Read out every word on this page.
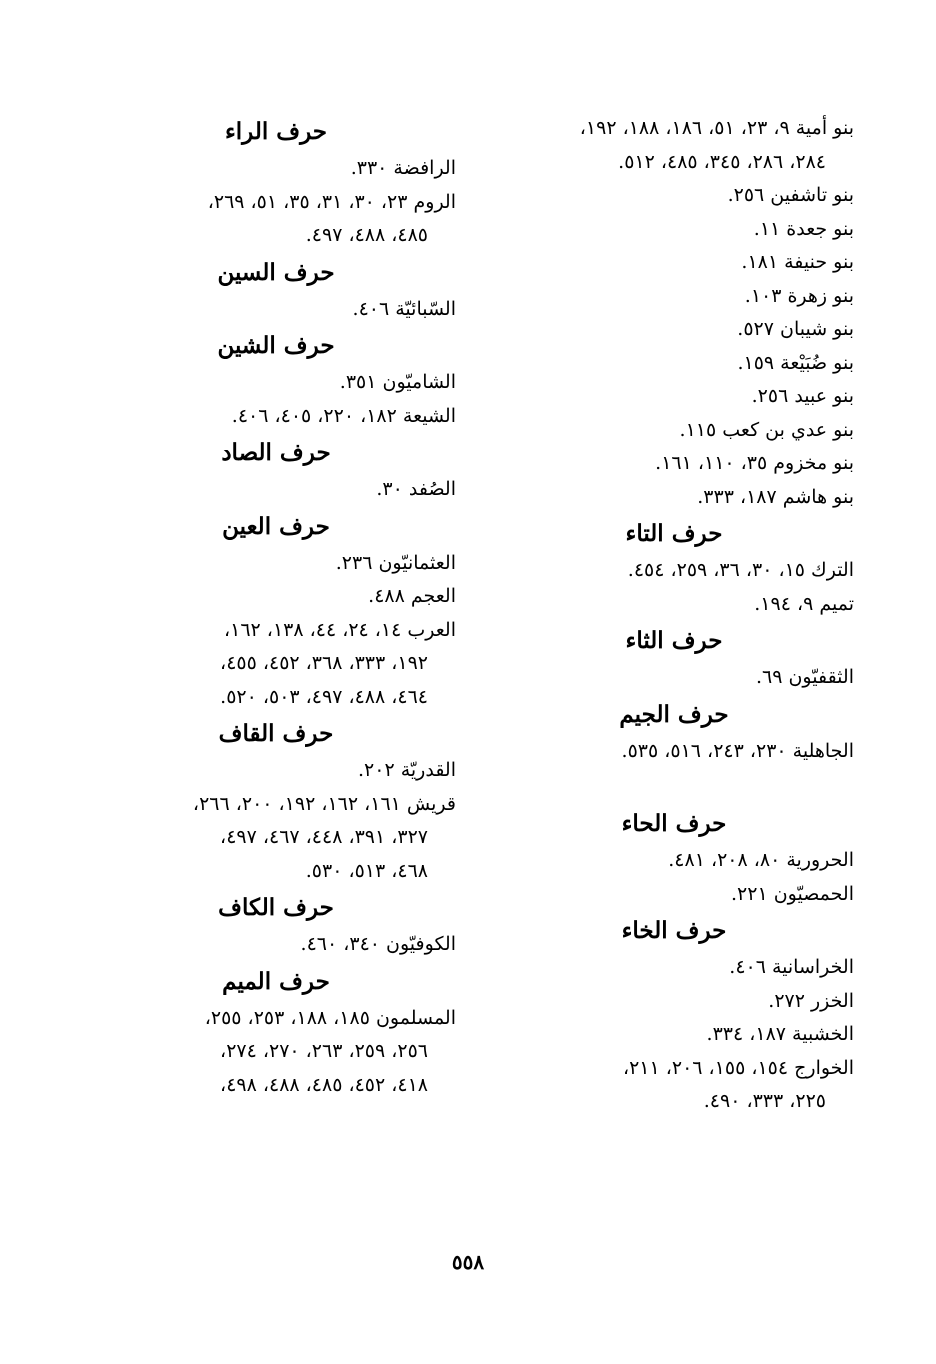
بنو أمية ٩، ٢٣، ٥١، ١٨٦، ١٨٨، ١٩٢،
٢٨٤، ٢٨٦، ٣٤٥، ٤٨٥، ٥١٢.
بنو تاشفين ٢٥٦.
بنو جعدة ١١.
بنو حنيفة ١٨١.
بنو زهرة ١٠٣.
بنو شيبان ٥٢٧.
بنو ضُبَيْعة ١٥٩.
بنو عبيد ٢٥٦.
بنو عدي بن كعب ١١٥.
بنو مخزوم ٣٥، ١١٠، ١٦١.
بنو هاشم ١٨٧، ٣٣٣.
حرف التاء
الترك ١٥، ٣٠، ٣٦، ٢٥٩، ٤٥٤.
تميم ٩، ١٩٤.
حرف الثاء
الثقفيّون ٦٩.
حرف الجيم
الجاهلية ٢٣٠، ٢٤٣، ٥١٦، ٥٣٥.
حرف الحاء
الحرورية ٨٠، ٢٠٨، ٤٨١.
الحمصيّون ٢٢١.
حرف الخاء
الخراسانية ٤٠٦.
الخزر ٢٧٢.
الخشبية ١٨٧، ٣٣٤.
الخوارج ١٥٤، ١٥٥، ٢٠٦، ٢١١،
٢٢٥، ٣٣٣، ٤٩٠.
حرف الراء
الرافضة ٣٣٠.
الروم ٢٣، ٣٠، ٣١، ٣٥، ٥١، ٢٦٩،
٤٨٥، ٤٨٨، ٤٩٧.
حرف السين
السّبائيّة ٤٠٦.
حرف الشين
الشاميّون ٣٥١.
الشيعة ١٨٢، ٢٢٠، ٤٠٥، ٤٠٦.
حرف الصاد
الصُفد ٣٠.
حرف العين
العثمانيّون ٢٣٦.
العجم ٤٨٨.
العرب ١٤، ٢٤، ٤٤، ١٣٨، ١٦٢،
١٩٢، ٣٣٣، ٣٦٨، ٤٥٢، ٤٥٥،
٤٦٤، ٤٨٨، ٤٩٧، ٥٠٣، ٥٢٠.
حرف القاف
القدريّة ٢٠٢.
قريش ١٦١، ١٦٢، ١٩٢، ٢٠٠، ٢٦٦،
٣٢٧، ٣٩١، ٤٤٨، ٤٦٧، ٤٩٧،
٤٦٨، ٥١٣، ٥٣٠.
حرف الكاف
الكوفيّون ٣٤٠، ٤٦٠.
حرف الميم
المسلمون ١٨٥، ١٨٨، ٢٥٣، ٢٥٥،
٢٥٦، ٢٥٩، ٢٦٣، ٢٧٠، ٢٧٤،
٤١٨، ٤٥٢، ٤٨٥، ٤٨٨، ٤٩٨،
٥٥٨
